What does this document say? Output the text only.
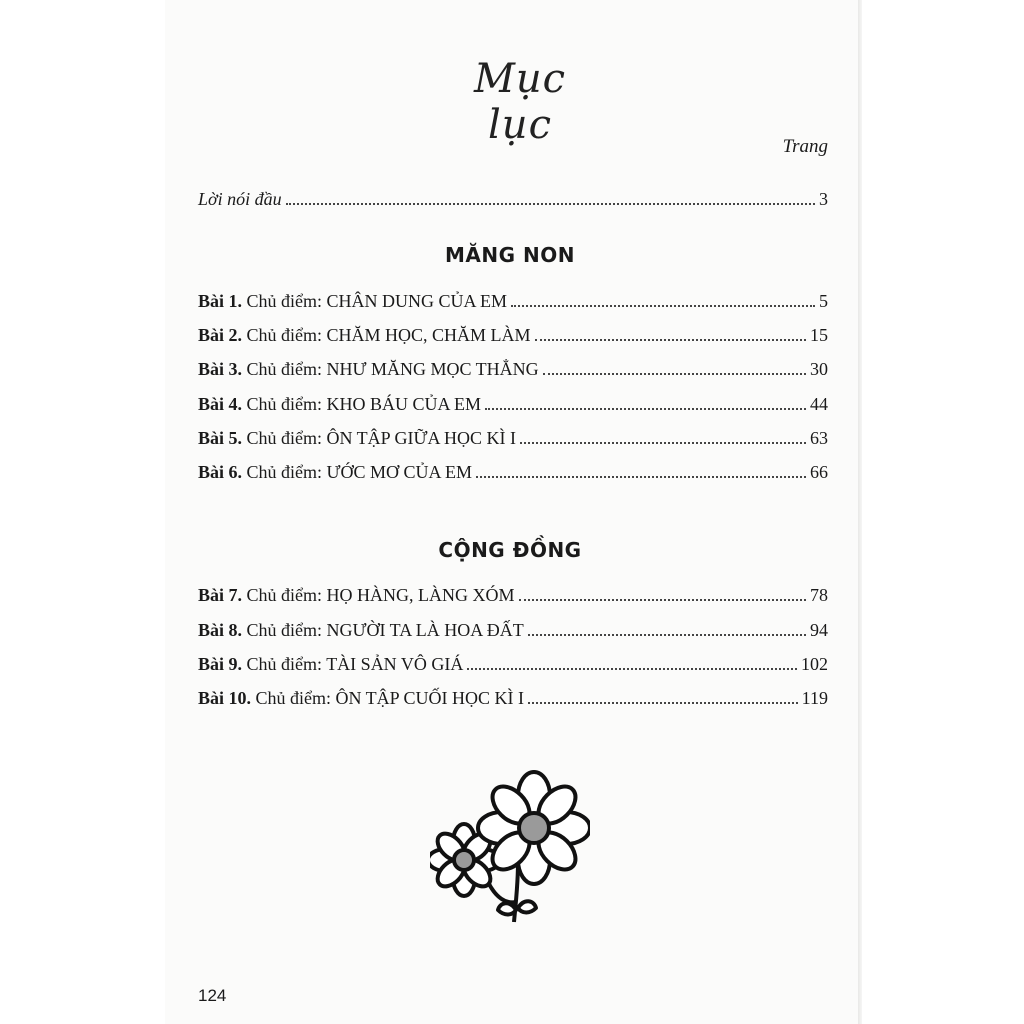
Mục lục	Trang
Lời nói đầu	3
MĂNG NON
Bài 1. Chủ điểm: CHÂN DUNG CỦA EM	5
Bài 2. Chủ điểm: CHĂM HỌC, CHĂM LÀM	15
Bài 3. Chủ điểm: NHƯ MĂNG MỌC THẲNG	30
Bài 4. Chủ điểm: KHO BÁU CỦA EM	44
Bài 5. Chủ điểm: ÔN TẬP GIỮA HỌC KÌ I	63
Bài 6. Chủ điểm: ƯỚC MƠ CỦA EM	66
CỘNG ĐỒNG
Bài 7. Chủ điểm: HỌ HÀNG, LÀNG XÓM	78
Bài 8. Chủ điểm: NGƯỜI TA LÀ HOA ĐẤT	94
Bài 9. Chủ điểm: TÀI SẢN VÔ GIÁ	102
Bài 10. Chủ điểm: ÔN TẬP CUỐI HỌC KÌ I	119
124
